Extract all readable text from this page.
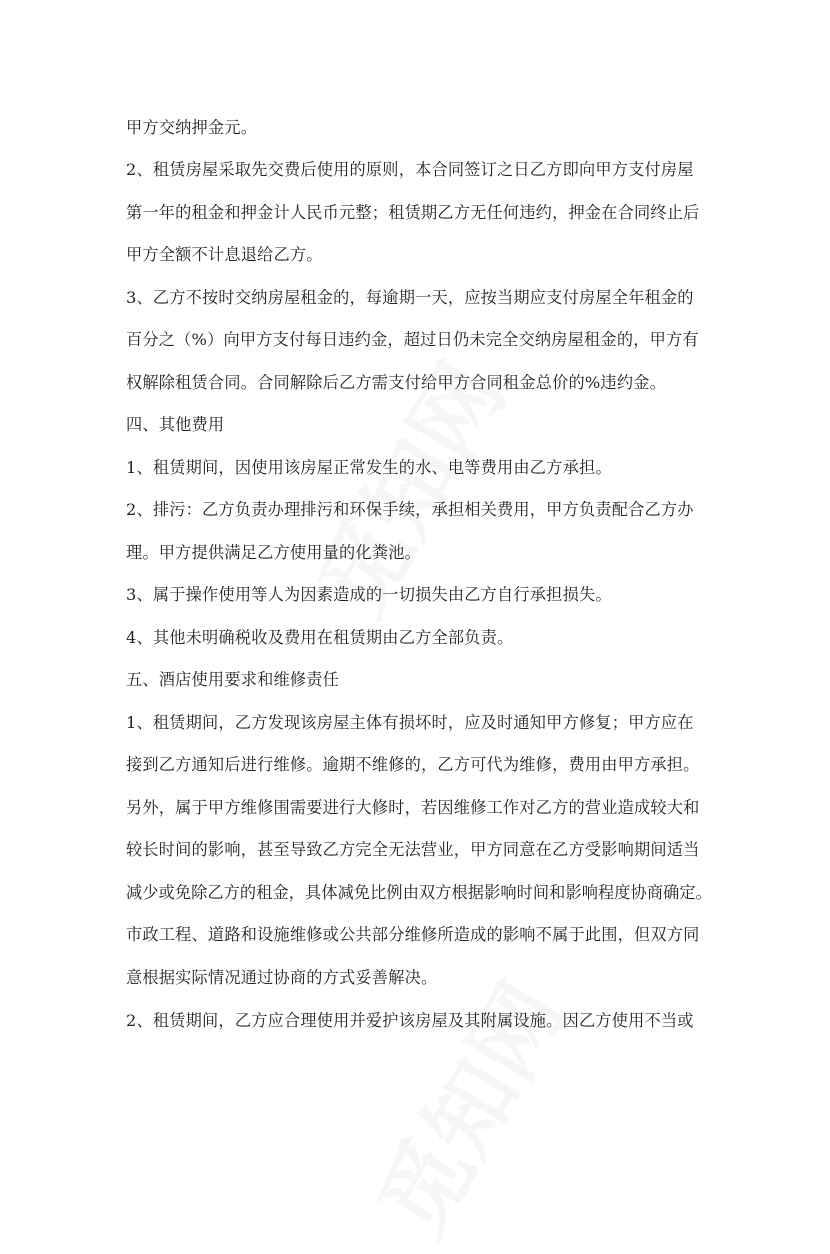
甲方交纳押金元。
2、租赁房屋采取先交费后使用的原则，本合同签订之日乙方即向甲方支付房屋
第一年的租金和押金计人民币元整；租赁期乙方无任何违约，押金在合同终止后
甲方全额不计息退给乙方。
3、乙方不按时交纳房屋租金的，每逾期一天，应按当期应支付房屋全年租金的
百分之（%）向甲方支付每日违约金，超过日仍未完全交纳房屋租金的，甲方有
权解除租赁合同。合同解除后乙方需支付给甲方合同租金总价的%违约金。
四、其他费用
1、租赁期间，因使用该房屋正常发生的水、电等费用由乙方承担。
2、排污：乙方负责办理排污和环保手续，承担相关费用，甲方负责配合乙方办
理。甲方提供满足乙方使用量的化粪池。
3、属于操作使用等人为因素造成的一切损失由乙方自行承担损失。
4、其他未明确税收及费用在租赁期由乙方全部负责。
五、酒店使用要求和维修责任
1、租赁期间，乙方发现该房屋主体有损坏时，应及时通知甲方修复；甲方应在
接到乙方通知后进行维修。逾期不维修的，乙方可代为维修，费用由甲方承担。
另外，属于甲方维修围需要进行大修时，若因维修工作对乙方的营业造成较大和
较长时间的影响，甚至导致乙方完全无法营业，甲方同意在乙方受影响期间适当
减少或免除乙方的租金，具体减免比例由双方根据影响时间和影响程度协商确定。
市政工程、道路和设施维修或公共部分维修所造成的影响不属于此围，但双方同
意根据实际情况通过协商的方式妥善解决。
2、租赁期间，乙方应合理使用并爱护该房屋及其附属设施。因乙方使用不当或
